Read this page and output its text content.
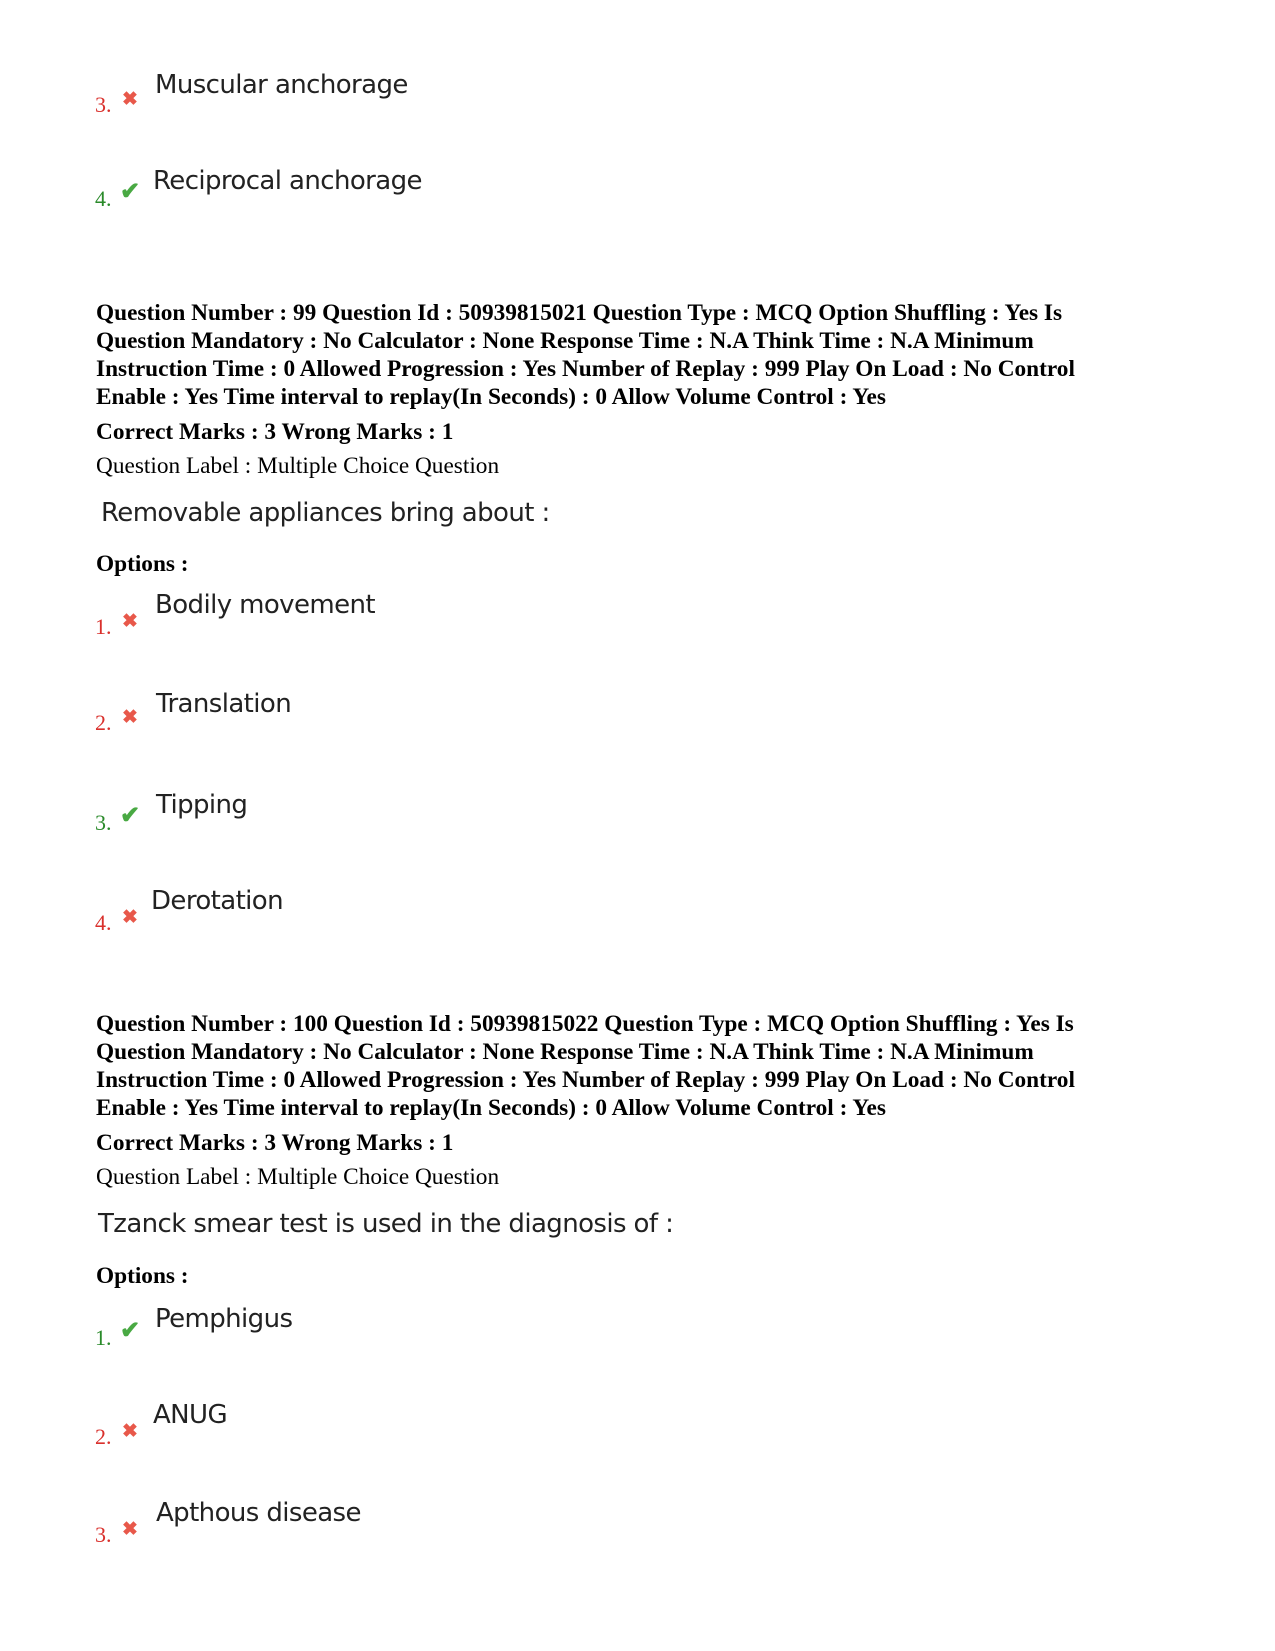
3. ✖ Muscular anchorage
4. ✔ Reciprocal anchorage
Question Number : 99 Question Id : 50939815021 Question Type : MCQ Option Shuffling : Yes Is
Question Mandatory : No Calculator : None Response Time : N.A Think Time : N.A Minimum
Instruction Time : 0 Allowed Progression : Yes Number of Replay : 999 Play On Load : No Control
Enable : Yes Time interval to replay(In Seconds) : 0 Allow Volume Control : Yes
Correct Marks : 3 Wrong Marks : 1
Question Label : Multiple Choice Question
Removable appliances bring about :
Options :
1. ✖
Bodily movement
2. ✖ Translation
3. ✔ Tipping
4. ✖
Derotation
Question Number : 100 Question Id : 50939815022 Question Type : MCQ Option Shuffling : Yes Is
Question Mandatory : No Calculator : None Response Time : N.A Think Time : N.A Minimum
Instruction Time : 0 Allowed Progression : Yes Number of Replay : 999 Play On Load : No Control
Enable : Yes Time interval to replay(In Seconds) : 0 Allow Volume Control : Yes
Correct Marks : 3 Wrong Marks : 1
Question Label : Multiple Choice Question
Tzanck smear test is used in the diagnosis of :
Options :
1. ✔ Pemphigus
2. ✖
ANUG
3. ✖
Apthous disease
